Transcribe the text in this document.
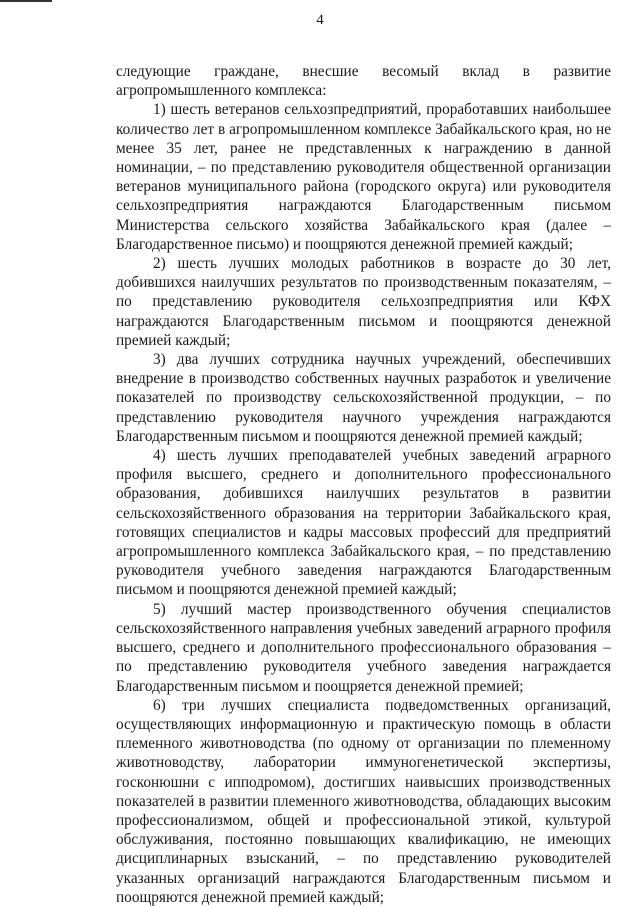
4

следующие граждане, внесшие весомый вклад в развитие агропромышленного комплекса:

1) шесть ветеранов сельхозпредприятий, проработавших наибольшее количество лет в агропромышленном комплексе Забайкальского края, но не менее 35 лет, ранее не представленных к награждению в данной номинации, – по представлению руководителя общественной организации ветеранов муниципального района (городского округа) или руководителя сельхозпредприятия награждаются Благодарственным письмом Министерства сельского хозяйства Забайкальского края (далее – Благодарственное письмо) и поощряются денежной премией каждый;

2) шесть лучших молодых работников в возрасте до 30 лет, добившихся наилучших результатов по производственным показателям, – по представлению руководителя сельхозпредприятия или КФХ награждаются Благодарственным письмом и поощряются денежной премией каждый;

3) два лучших сотрудника научных учреждений, обеспечивших внедрение в производство собственных научных разработок и увеличение показателей по производству сельскохозяйственной продукции, – по представлению руководителя научного учреждения награждаются Благодарственным письмом и поощряются денежной премией каждый;

4) шесть лучших преподавателей учебных заведений аграрного профиля высшего, среднего и дополнительного профессионального образования, добившихся наилучших результатов в развитии сельскохозяйственного образования на территории Забайкальского края, готовящих специалистов и кадры массовых профессий для предприятий агропромышленного комплекса Забайкальского края, – по представлению руководителя учебного заведения награждаются Благодарственным письмом и поощряются денежной премией каждый;

5) лучший мастер производственного обучения специалистов сельскохозяйственного направления учебных заведений аграрного профиля высшего, среднего и дополнительного профессионального образования – по представлению руководителя учебного заведения награждается Благодарственным письмом и поощряется денежной премией;

6) три лучших специалиста подведомственных организаций, осуществляющих информационную и практическую помощь в области племенного животноводства (по одному от организации по племенному животноводству, лаборатории иммуногенетической экспертизы, госконюшни с ипподромом), достигших наивысших производственных показателей в развитии племенного животноводства, обладающих высоким профессионализмом, общей и профессиональной этикой, культурой обслуживания, постоянно повышающих квалификацию, не имеющих дисциплинарных взысканий, – по представлению руководителей указанных организаций награждаются Благодарственным письмом и поощряются денежной премией каждый;
